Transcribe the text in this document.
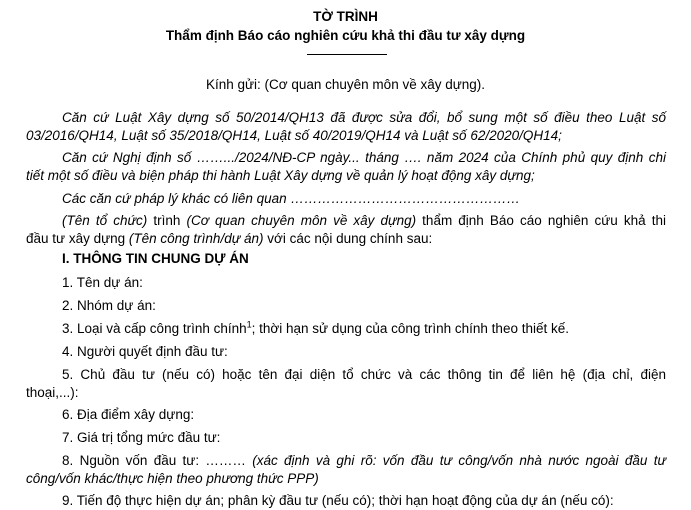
TỜ TRÌNH
Thẩm định Báo cáo nghiên cứu khả thi đầu tư xây dựng
Kính gửi: (Cơ quan chuyên môn về xây dựng).
Căn cứ Luật Xây dựng số 50/2014/QH13 đã được sửa đổi, bổ sung một số điều theo Luật số
03/2016/QH14, Luật số 35/2018/QH14, Luật số 40/2019/QH14 và Luật số 62/2020/QH14;
Căn cứ Nghị định số …….../2024/NĐ-CP ngày... tháng …. năm 2024 của Chính phủ quy định chi
tiết một số điều và biện pháp thi hành Luật Xây dựng về quản lý hoạt động xây dựng;
Các căn cứ pháp lý khác có liên quan ……………………………………………
(Tên tổ chức) trình (Cơ quan chuyên môn về xây dựng) thẩm định Báo cáo nghiên cứu khả thi
đầu tư xây dựng (Tên công trình/dự án) với các nội dung chính sau:
I. THÔNG TIN CHUNG DỰ ÁN
1. Tên dự án:
2. Nhóm dự án:
3. Loại và cấp công trình chính$^1$; thời hạn sử dụng của công trình chính theo thiết kế.
4. Người quyết định đầu tư:
5. Chủ đầu tư (nếu có) hoặc tên đại diện tổ chức và các thông tin để liên hệ (địa chỉ, điện
thoại,...):
6. Địa điểm xây dựng:
7. Giá trị tổng mức đầu tư:
8. Nguồn vốn đầu tư: ……… (xác định và ghi rõ: vốn đầu tư công/vốn nhà nước ngoài đầu tư
công/vốn khác/thực hiện theo phương thức PPP)
9. Tiến độ thực hiện dự án; phân kỳ đầu tư (nếu có); thời hạn hoạt động của dự án (nếu có):
